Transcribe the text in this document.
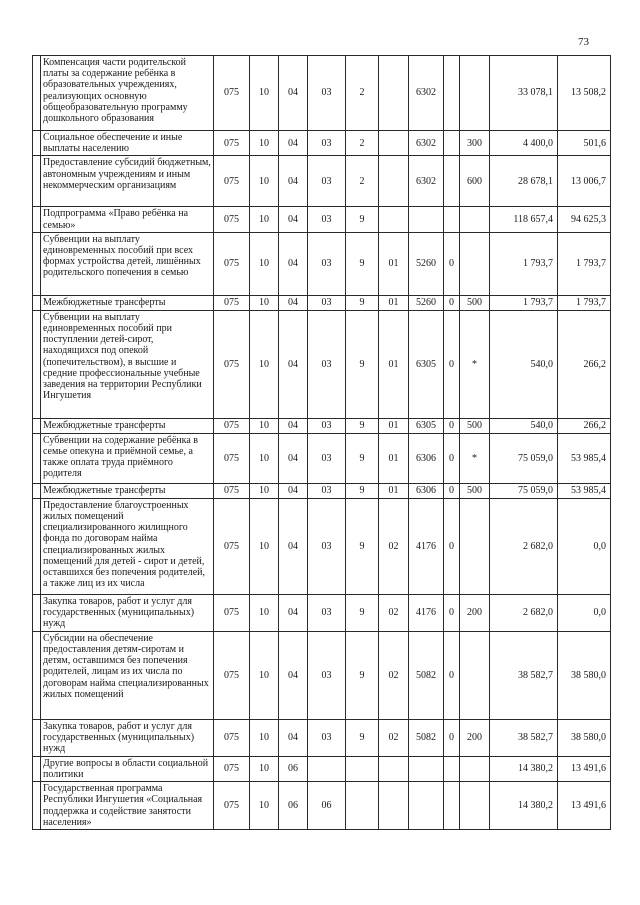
73
	Компенсация части родительской платы за содержание ребёнка в образовательных учреждениях, реализующих основную общеобразовательную программу дошкольного образования	075	10	04	03	2		6302			33 078,1	13 508,2
	Социальное обеспечение и иные выплаты населению	075	10	04	03	2		6302		300	4 400,0	501,6
	Предоставление субсидий бюджетным, автономным учреждениям и иным некоммерческим организациям	075	10	04	03	2		6302		600	28 678,1	13 006,7
	Подпрограмма «Право ребёнка на семью»	075	10	04	03	9					118 657,4	94 625,3
	Субвенции на выплату единовременных пособий при всех формах устройства детей, лишённых родительского попечения в семью	075	10	04	03	9	01	5260	0		1 793,7	1 793,7
	Межбюджетные трансферты	075	10	04	03	9	01	5260	0	500	1 793,7	1 793,7
	Субвенции на выплату единовременных пособий при поступлении детей-сирот, находящихся под опекой (попечительством), в высшие и средние профессиональные учебные заведения на территории Республики Ингушетия	075	10	04	03	9	01	6305	0	*	540,0	266,2
	Межбюджетные трансферты	075	10	04	03	9	01	6305	0	500	540,0	266,2
	Субвенции на содержание ребёнка в семье опекуна и приёмной семье, а также оплата труда приёмного родителя	075	10	04	03	9	01	6306	0	*	75 059,0	53 985,4
	Межбюджетные трансферты	075	10	04	03	9	01	6306	0	500	75 059,0	53 985,4
	Предоставление благоустроенных жилых помещений специализированного жилищного фонда по договорам найма специализированных жилых помещений для детей - сирот и детей, оставшихся без попечения родителей, а также лиц из их числа	075	10	04	03	9	02	4176	0		2 682,0	0,0
	Закупка товаров, работ и услуг для государственных (муниципальных) нужд	075	10	04	03	9	02	4176	0	200	2 682,0	0,0
	Субсидии на обеспечение предоставления детям-сиротам и детям, оставшимся без попечения родителей, лицам из их числа по договорам найма специализированных жилых помещений	075	10	04	03	9	02	5082	0		38 582,7	38 580,0
	Закупка товаров, работ и услуг для государственных (муниципальных) нужд	075	10	04	03	9	02	5082	0	200	38 582,7	38 580,0
	Другие вопросы в области социальной политики	075	10	06							14 380,2	13 491,6
	Государственная программа Республики Ингушетия «Социальная поддержка и содействие занятости населения»	075	10	06	06						14 380,2	13 491,6
